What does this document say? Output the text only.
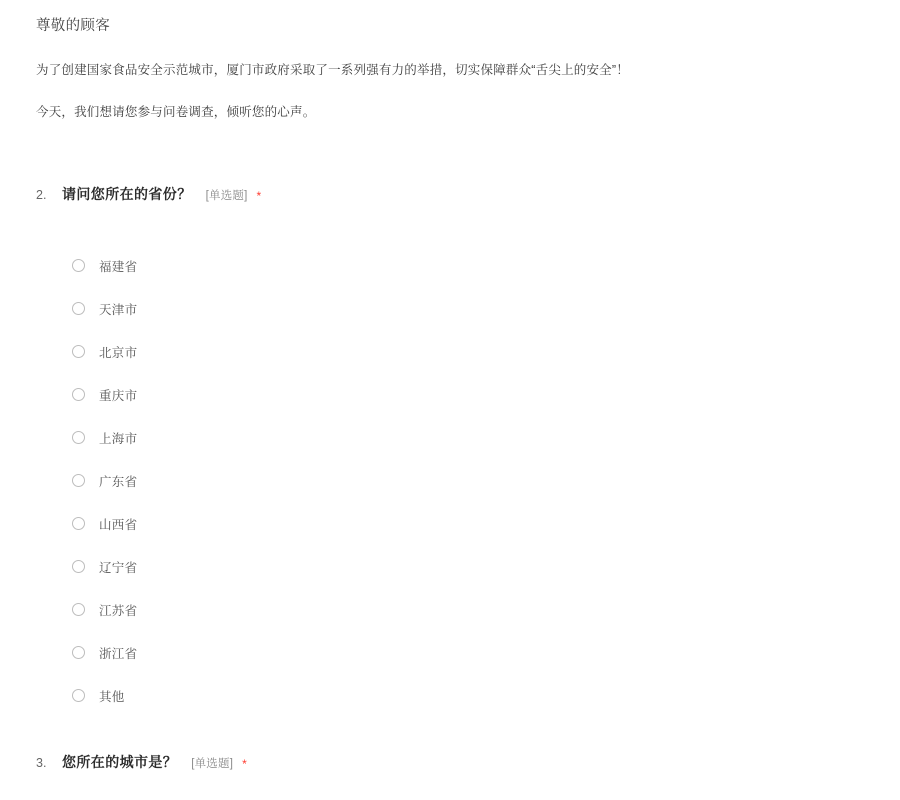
尊敬的顾客
为了创建国家食品安全示范城市，厦门市政府采取了一系列强有力的举措，切实保障群众“舌尖上的安全”！
今天，我们想请您参与问卷调查，倾听您的心声。
2.	请问您所在的省份？ [单选题] *
福建省
天津市
北京市
重庆市
上海市
广东省
山西省
辽宁省
江苏省
浙江省
其他
3.	您所在的城市是？ [单选题] *
